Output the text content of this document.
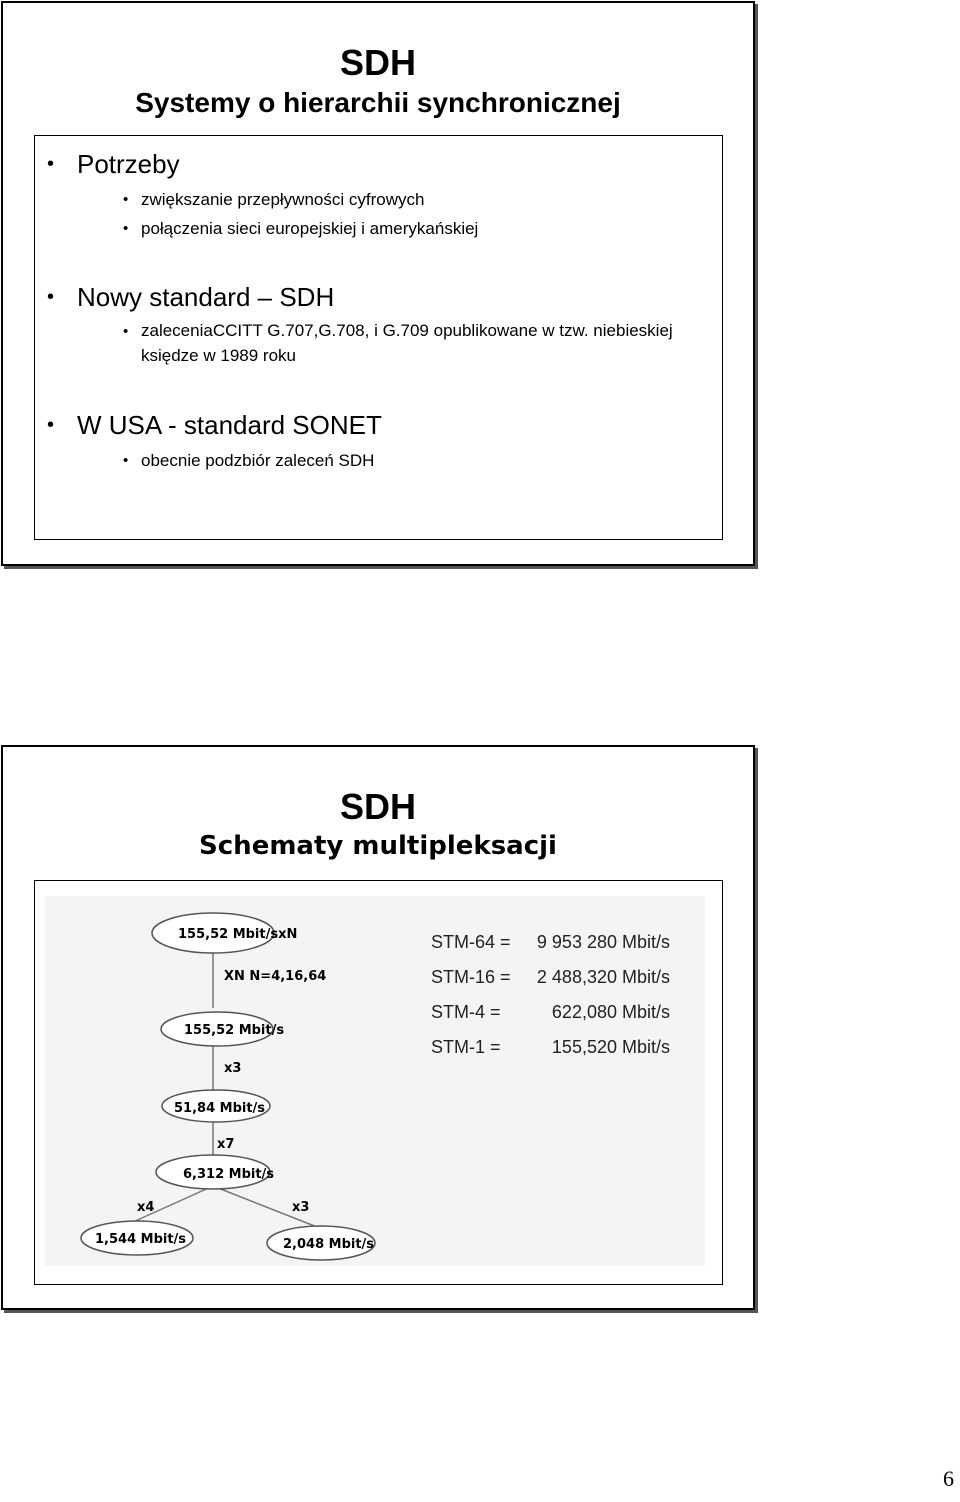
SDH
Systemy o hierarchii synchronicznej
Potrzeby
zwiększanie przepływności cyfrowych
połączenia sieci europejskiej i amerykańskiej
Nowy standard – SDH
zaleceniaCCITT G.707,G.708, i G.709 opublikowane w tzw. niebieskiej księdze w 1989 roku
W USA - standard SONET
obecnie podzbiór zaleceń SDH
SDH
Schematy multipleksacji
155,52 Mbit/sxN
155,52 Mbit/s
51,84 Mbit/s
6,312 Mbit/s
1,544 Mbit/s	2,048 Mbit/s
XN N=4,16,64
x3
x7
x4	x3
STM-64 = 9 953 280 Mbit/s
STM-16 = 2 488,320 Mbit/s
STM-4 =	622,080 Mbit/s
STM-1 =	155,520 Mbit/s
6
